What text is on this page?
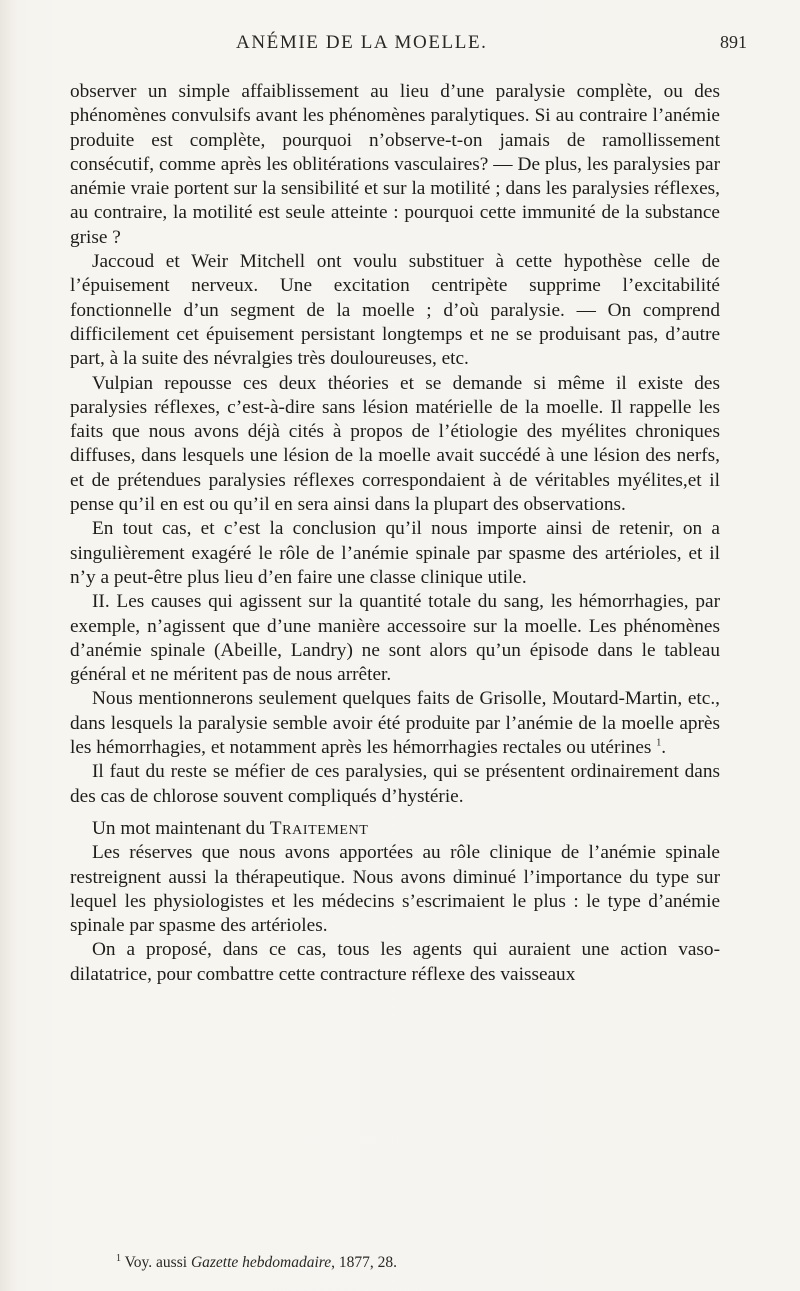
ANÉMIE DE LA MOELLE.	891

observer un simple affaiblissement au lieu d’une paralysie complète, ou des phénomènes convulsifs avant les phénomènes paralytiques. Si au contraire l’anémie produite est complète, pourquoi n’observe-t-on jamais de ramollissement consécutif, comme après les oblitérations vasculaires? — De plus, les paralysies par anémie vraie portent sur la sensibilité et sur la motilité ; dans les paralysies réflexes, au contraire, la motilité est seule atteinte : pourquoi cette immunité de la substance grise ?

Jaccoud et Weir Mitchell ont voulu substituer à cette hypothèse celle de l’épuisement nerveux. Une excitation centripète supprime l’excitabilité fonctionnelle d’un segment de la moelle ; d’où paralysie. — On comprend difficilement cet épuisement persistant longtemps et ne se produisant pas, d’autre part, à la suite des névralgies très douloureuses, etc.

Vulpian repousse ces deux théories et se demande si même il existe des paralysies réflexes, c’est-à-dire sans lésion matérielle de la moelle. Il rappelle les faits que nous avons déjà cités à propos de l’étiologie des myélites chroniques diffuses, dans lesquels une lésion de la moelle avait succédé à une lésion des nerfs, et de prétendues paralysies réflexes correspondaient à de véritables myélites,et il pense qu’il en est ou qu’il en sera ainsi dans la plupart des observations.

En tout cas, et c’est la conclusion qu’il nous importe ainsi de retenir, on a singulièrement exagéré le rôle de l’anémie spinale par spasme des artérioles, et il n’y a peut-être plus lieu d’en faire une classe clinique utile.

II. Les causes qui agissent sur la quantité totale du sang, les hémorrhagies, par exemple, n’agissent que d’une manière accessoire sur la moelle. Les phénomènes d’anémie spinale (Abeille, Landry) ne sont alors qu’un épisode dans le tableau général et ne méritent pas de nous arrêter.

Nous mentionnerons seulement quelques faits de Grisolle, Moutard-Martin, etc., dans lesquels la paralysie semble avoir été produite par l’anémie de la moelle après les hémorrhagies, et notamment après les hémorrhagies rectales ou utérines $^1$.

Il faut du reste se méfier de ces paralysies, qui se présentent ordinairement dans des cas de chlorose souvent compliqués d’hystérie.

Un mot maintenant du Traitement

Les réserves que nous avons apportées au rôle clinique de l’anémie spinale restreignent aussi la thérapeutique. Nous avons diminué l’importance du type sur lequel les physiologistes et les médecins s’escrimaient le plus : le type d’anémie spinale par spasme des artérioles.

On a proposé, dans ce cas, tous les agents qui auraient une action vaso-dilatatrice, pour combattre cette contracture réflexe des vaisseaux

$^1$ Voy. aussi Gazette hebdomadaire, 1877, 28.
